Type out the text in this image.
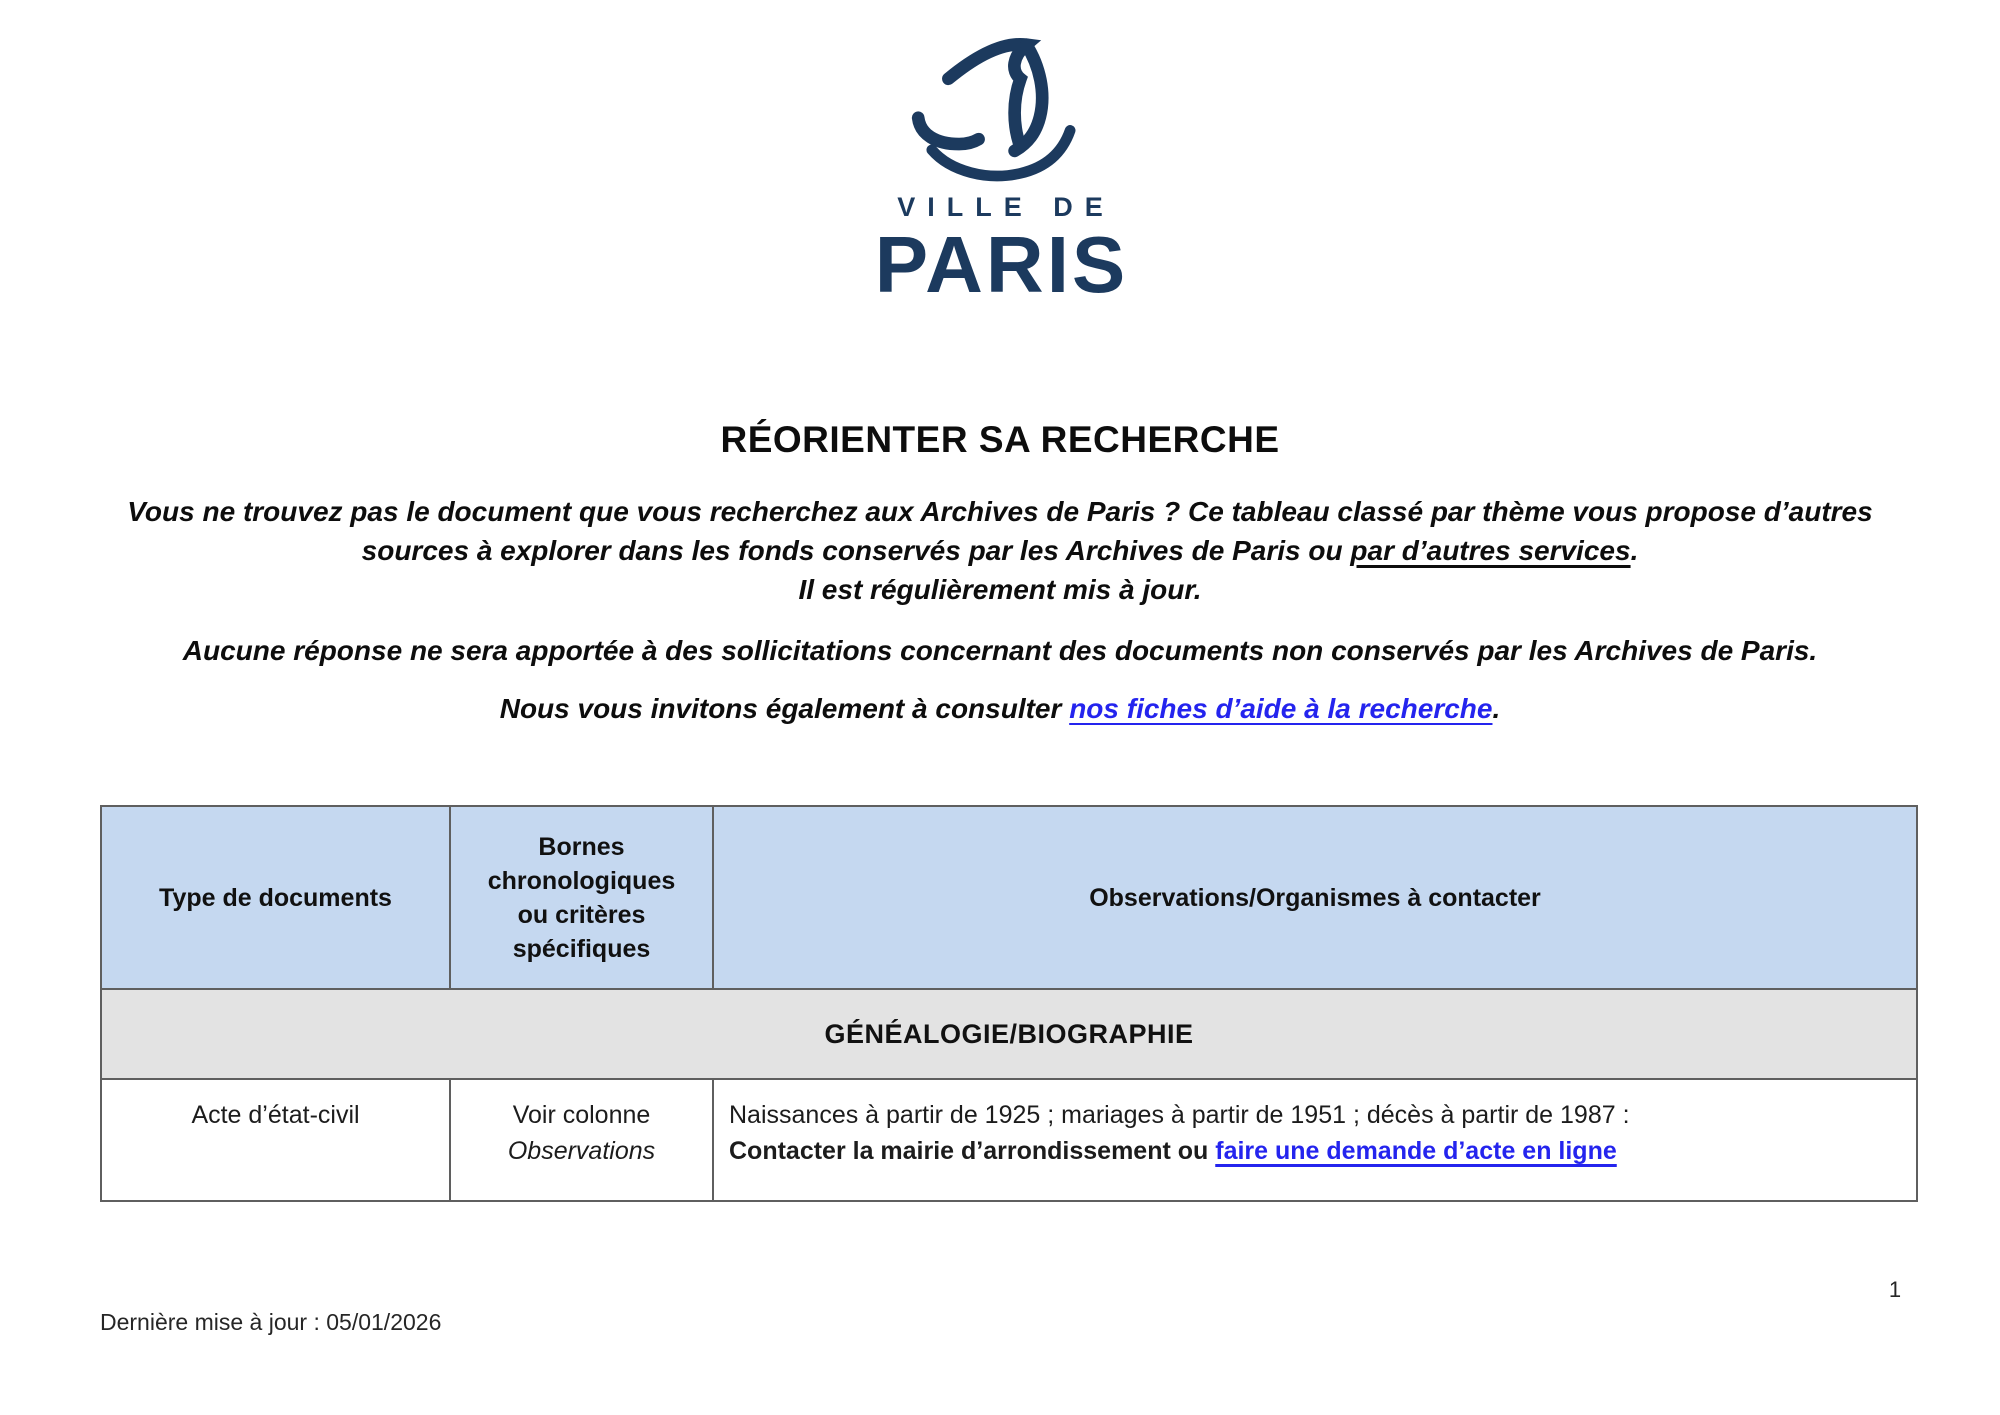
VILLE DE
PARIS
RÉORIENTER SA RECHERCHE
Vous ne trouvez pas le document que vous recherchez aux Archives de Paris ? Ce tableau classé par thème vous propose d’autres
sources à explorer dans les fonds conservés par les Archives de Paris ou par d’autres services.
Il est régulièrement mis à jour.
Aucune réponse ne sera apportée à des sollicitations concernant des documents non conservés par les Archives de Paris.
Nous vous invitons également à consulter nos fiches d’aide à la recherche.
Type de documents
Bornes chronologiques ou critères spécifiques
Observations/Organismes à contacter
GÉNÉALOGIE/BIOGRAPHIE
Acte d’état-civil	Voir colonne
Observations
Naissances à partir de 1925 ; mariages à partir de 1951 ; décès à partir de 1987 :
Contacter la mairie d’arrondissement ou faire une demande d’acte en ligne
Dernière mise à jour : 05/01/2026
1
